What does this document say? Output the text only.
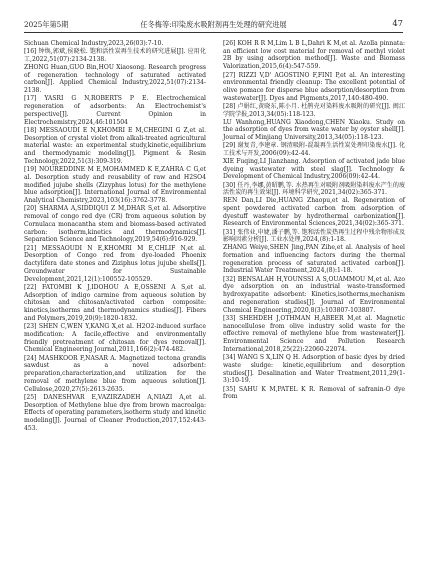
2025年第5期	任冬梅等:印染废水吸附剂再生处理的研究进展	47
Sichuan Chemical Industry,2023,26(03):7-10.
[16] 钟焕,郭斌,侯晓松. 饱和活性炭再生技术的研究进展[J]. 应用化工,2022,51(07):2134-2138.
ZHONG Huan,GUO Bin,HOU Xiaosong. Research progress of regeneration technology of saturated activated carbon[J]. Applied Chemical Industry,2022,51(07):2134-2138.
[17] YASRI G N,ROBERTS P E. Electrochemical regeneration of adsorbents: An Electrochemist's perspective[J]. Current Opinion in Electrochemistry,2024,46:101504
[18] MESSAOUDI E N,KHOMRI E M,CHEGINI G Z,et al. Desorption of crystal violet from alkali-treated agricultural material waste: an experimental study,kinetic,equilibrium and thermodynamic modeling[J]. Pigment & Resin Technology,2022,51(3):309-319.
[19] NOUREDDINE M E,MOHAMMED K E,ZAHRA C G,et al. Desorption study and reusability of raw and H2SO4 modified jujube shells (Zizyphus lotus) for the methylene blue adsorption[J]. International Journal of Environmental Analytical Chemistry,2023,103(16):3762-3778.
[20] SHARMA A,SIDDIQUI Z M,DHAR S,et al. Adsorptive removal of congo red dye (CR) from aqueous solution by Cornulaca monacantha stem and biomass-based activated carbon: isotherm,kinetics and thermodynamics[J]. Separation Science and Technology,2019,54(6):916-929.
[21] MESSAOUDI N E,KHOMRI M E,CHLIF N,et al. Desorption of Congo red from dye-loaded Phoenix dactylifera date stones and Ziziphus lotus jujube shells[J]. Groundwater for Sustainable Development,2021,12(1):100552-105529.
[22] FATOMBI K J,IDOHOU A E,OSSENI A S,et al. Adsorption of indigo carmine from aqueous solution by chitosan and chitosan/activated carbon composite: kinetics,isotherms and thermodynamics studies[J]. Fibers and Polymers,2019,20(9):1820-1832.
[23] SHEN C,WEN Y,KANG X,et al. H2O2-induced surface modification: A facile,effective and environmentally friendly pretreatment of chitosan for dyes removal[J]. Chemical Engineering Journal,2011,166(2):474-482.
[24] MASHKOOR F,NASAR A. Magnetized tectona grandis sawdust as a novel adsorbent: preparation,characterization,and utilization for the removal of methylene blue from aqueous solution[J]. Cellulose,2020,27(5):2613-2635.
[25] DANESHVAR E,VAZIRZADEH A,NIAZI A,et al. Desorption of Methylene blue dye from brown macroalga: Effects of operating parameters,isotherm study and kinetic modeling[J]. Journal of Cleaner Production,2017,152:443-453.
[26] KOH R R M,Lim L B L,Dahri K M,et al. Azolla pinnata: an efficient low cost material for removal of methyl violet 2B by using adsorption method[J]. Waste and Biomass Valorization,2015,6(4):547-559.
[27] RIZZI V,D' AGOSTINO F,FINI P,et al. An interesting environmental friendly cleanup: The excellent potential of olive pomace for disperse blue adsorption/desorption from wastewater[J]. Dyes and Pigments,2017,140:480-490.
[28] 卢娟红,黄晓东,陈小月. 杜鹃壳对染料废水吸附的研究[J]. 闽江学院学报,2013,34(05):118-123.
LU Wanhong,HUANG Xiaodong,CHEN Xiaoku. Study on the adsorption of dyes from waste water by oyster shell[J]. Journal of Minjiang University,2013,34(05):118-123.
[29] 谢复青,李建章. 钢渣吸附-混凝再生活性炭处理印染废水[J]. 化工技术与开发,2006(09):42-44.
XIE Fuqing,LI Jianzhang. Adsorption of activated jade blue dyeing wastewater with steel slag[J]. Technology & Development of Chemical Industry,2006(09):42-44.
[30] 任丹,李娜,黄昭鹏,等. 水热再生对吸附剂吸附染料废水产生的废活性炭的再生效果[J]. 环境科学研究,2021,34(02):365-371.
REN Dan,LI Die,HUANG Zhaopu,et al. Regeneration of spent powdered activated carbon from adsorption of dyestuff wastewater by hydrothermal carbonization[J]. Research of Environmental Sciences,2021,34(02):365-371.
[31] 张伟业,申婕,潘子鹏,等. 饱和活性炭热再生过程中残余物形成及影响因素分析[J]. 工业水处理,2024,(8):1-18.
ZHANG Weiye,SHEN Jing,PAN Zihe,et al. Analysis of heel formation and influencing factors during the thermal regeneration process of saturated activated carbon[J]. Industrial Water Treatment,2024,(8):1-18.
[32] BENSALAH H,YOUNSSI A S,OUAMMOU M,et al. Azo dye adsorption on an industrial waste-transformed hydroxyapatite adsorbent: Kinetics,isotherms,mechanism and regeneration studies[J]. Journal of Environmental Chemical Engineering,2020,8(3):103807-103807.
[33] SHEHDEH J,OTHMAN H,ABEER M,et al. Magnetic nanocellulose from olive industry solid waste for the effective removal of methylene blue from wastewater[J]. Environmental Science and Pollution Research International,2018,25(22):22060-22074.
[34] WANG S X,LIN Q H. Adsorption of basic dyes by dried waste sludge: kinetic,equilibrium and desorption studies[J]. Desalination and Water Treatment,2011,29(1-3):10-19.
[35] SAHU K M,PATEL K R. Removal of safranin-O dye from
